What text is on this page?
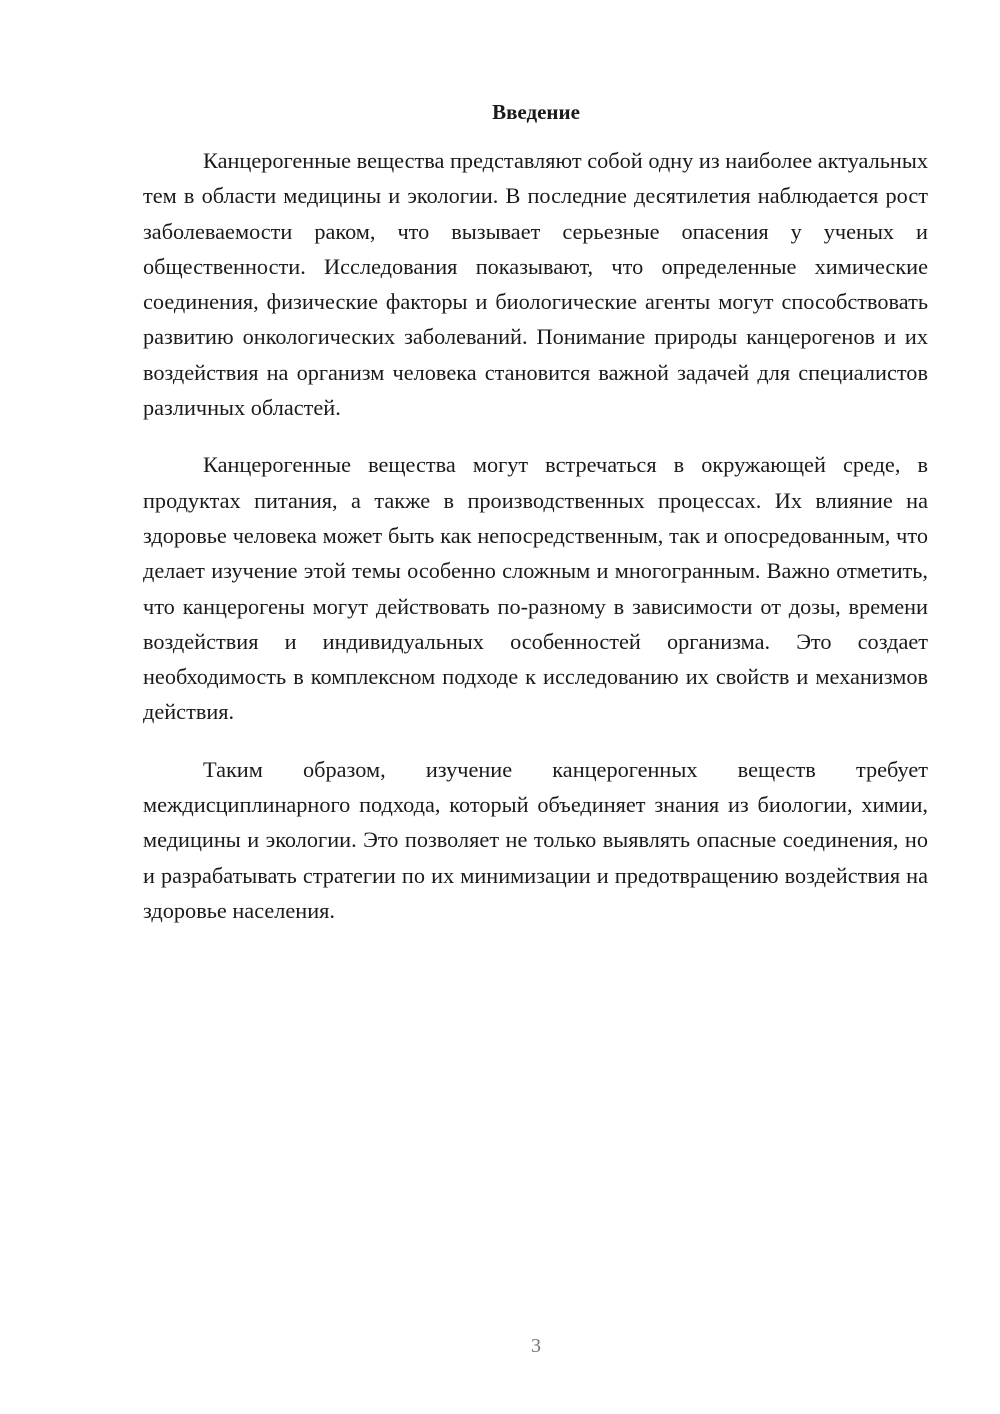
Введение

Канцерогенные вещества представляют собой одну из наиболее актуальных тем в области медицины и экологии. В последние десятилетия наблюдается рост заболеваемости раком, что вызывает серьезные опасения у ученых и общественности. Исследования показывают, что определенные химические соединения, физические факторы и биологические агенты могут способствовать развитию онкологических заболеваний. Понимание природы канцерогенов и их воздействия на организм человека становится важной задачей для специалистов различных областей.

Канцерогенные вещества могут встречаться в окружающей среде, в продуктах питания, а также в производственных процессах. Их влияние на здоровье человека может быть как непосредственным, так и опосредованным, что делает изучение этой темы особенно сложным и многогранным. Важно отметить, что канцерогены могут действовать по-разному в зависимости от дозы, времени воздействия и индивидуальных особенностей организма. Это создает необходимость в комплексном подходе к исследованию их свойств и механизмов действия.

Таким образом, изучение канцерогенных веществ требует междисциплинарного подхода, который объединяет знания из биологии, химии, медицины и экологии. Это позволяет не только выявлять опасные соединения, но и разрабатывать стратегии по их минимизации и предотвращению воздействия на здоровье населения.

3
